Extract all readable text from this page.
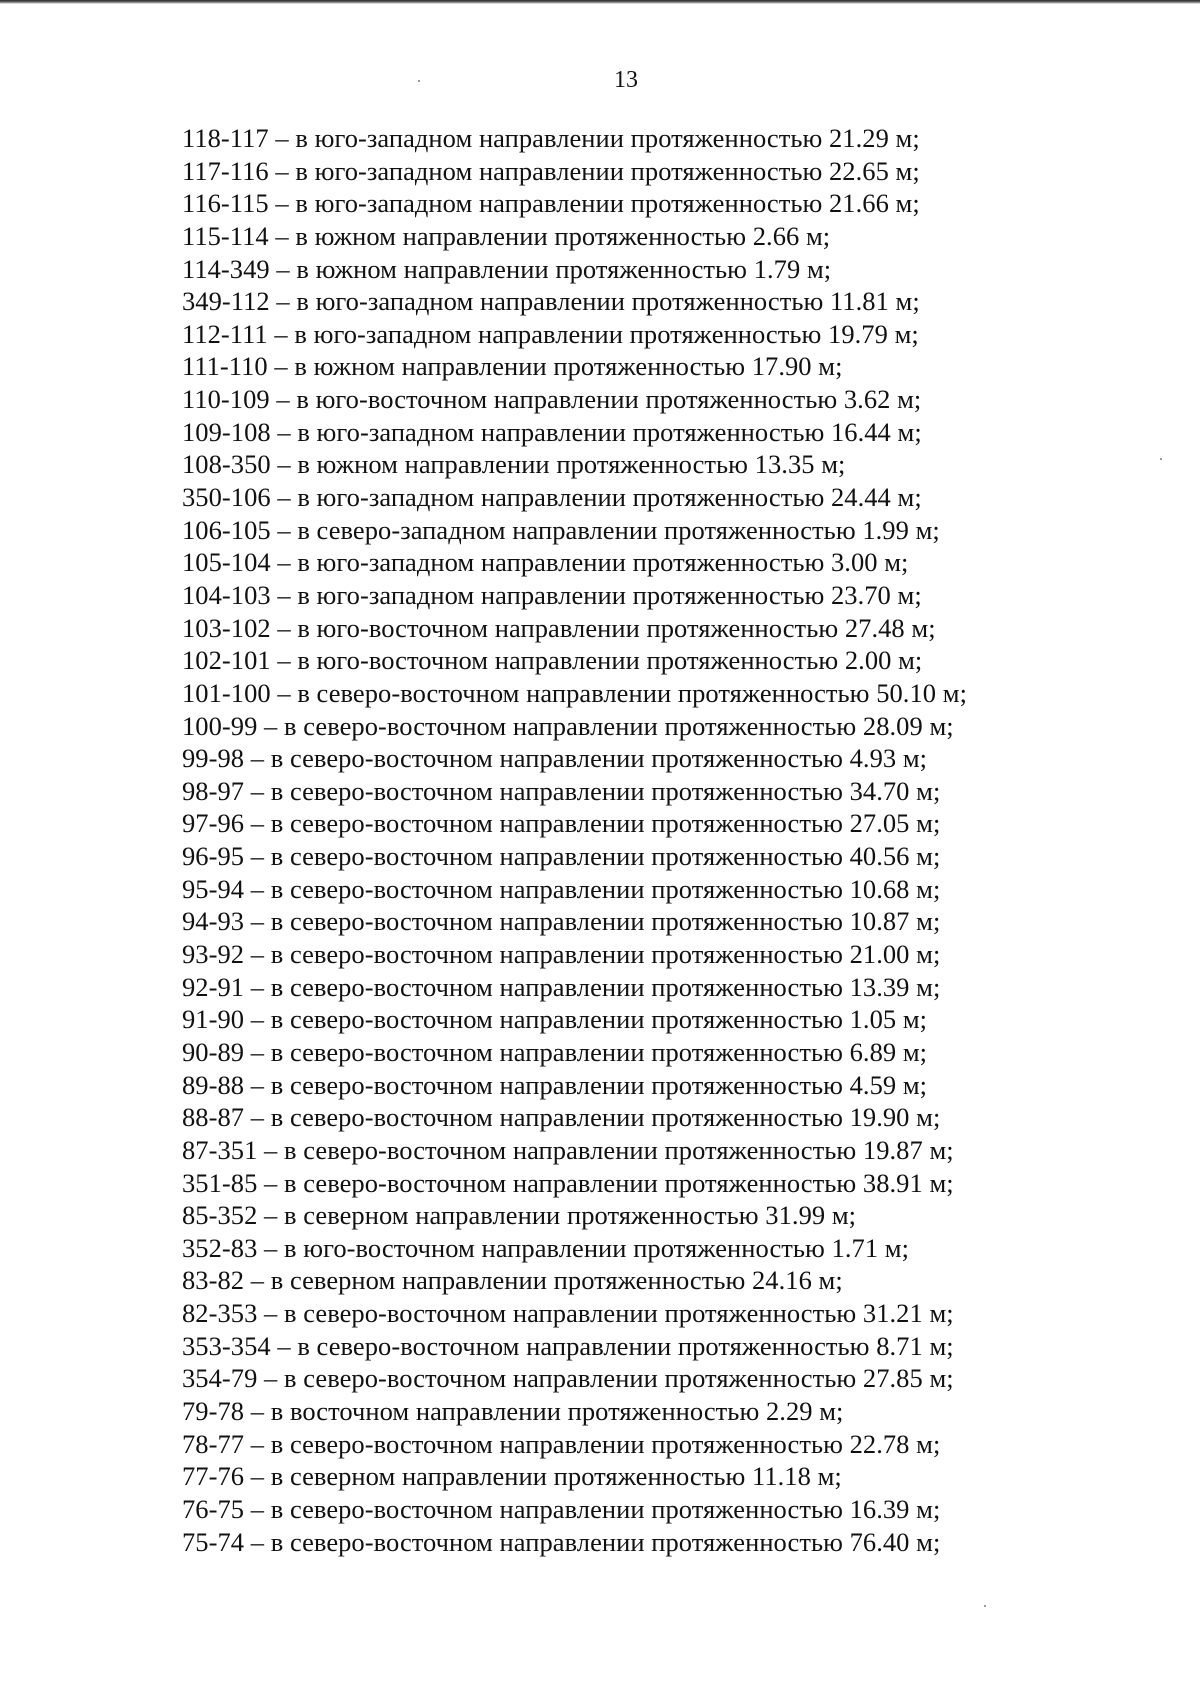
13
118-117 – в юго-западном направлении протяженностью 21.29 м;
117-116 – в юго-западном направлении протяженностью 22.65 м;
116-115 – в юго-западном направлении протяженностью 21.66 м;
115-114 – в южном направлении протяженностью 2.66 м;
114-349 – в южном направлении протяженностью 1.79 м;
349-112 – в юго-западном направлении протяженностью 11.81 м;
112-111 – в юго-западном направлении протяженностью 19.79 м;
111-110 – в южном направлении протяженностью 17.90 м;
110-109 – в юго-восточном направлении протяженностью 3.62 м;
109-108 – в юго-западном направлении протяженностью 16.44 м;
108-350 – в южном направлении протяженностью 13.35 м;
350-106 – в юго-западном направлении протяженностью 24.44 м;
106-105 – в северо-западном направлении протяженностью 1.99 м;
105-104 – в юго-западном направлении протяженностью 3.00 м;
104-103 – в юго-западном направлении протяженностью 23.70 м;
103-102 – в юго-восточном направлении протяженностью 27.48 м;
102-101 – в юго-восточном направлении протяженностью 2.00 м;
101-100 – в северо-восточном направлении протяженностью 50.10 м;
100-99 – в северо-восточном направлении протяженностью 28.09 м;
99-98 – в северо-восточном направлении протяженностью 4.93 м;
98-97 – в северо-восточном направлении протяженностью 34.70 м;
97-96 – в северо-восточном направлении протяженностью 27.05 м;
96-95 – в северо-восточном направлении протяженностью 40.56 м;
95-94 – в северо-восточном направлении протяженностью 10.68 м;
94-93 – в северо-восточном направлении протяженностью 10.87 м;
93-92 – в северо-восточном направлении протяженностью 21.00 м;
92-91 – в северо-восточном направлении протяженностью 13.39 м;
91-90 – в северо-восточном направлении протяженностью 1.05 м;
90-89 – в северо-восточном направлении протяженностью 6.89 м;
89-88 – в северо-восточном направлении протяженностью 4.59 м;
88-87 – в северо-восточном направлении протяженностью 19.90 м;
87-351 – в северо-восточном направлении протяженностью 19.87 м;
351-85 – в северо-восточном направлении протяженностью 38.91 м;
85-352 – в северном направлении протяженностью 31.99 м;
352-83 – в юго-восточном направлении протяженностью 1.71 м;
83-82 – в северном направлении протяженностью 24.16 м;
82-353 – в северо-восточном направлении протяженностью 31.21 м;
353-354 – в северо-восточном направлении протяженностью 8.71 м;
354-79 – в северо-восточном направлении протяженностью 27.85 м;
79-78 – в восточном направлении протяженностью 2.29 м;
78-77 – в северо-восточном направлении протяженностью 22.78 м;
77-76 – в северном направлении протяженностью 11.18 м;
76-75 – в северо-восточном направлении протяженностью 16.39 м;
75-74 – в северо-восточном направлении протяженностью 76.40 м;
